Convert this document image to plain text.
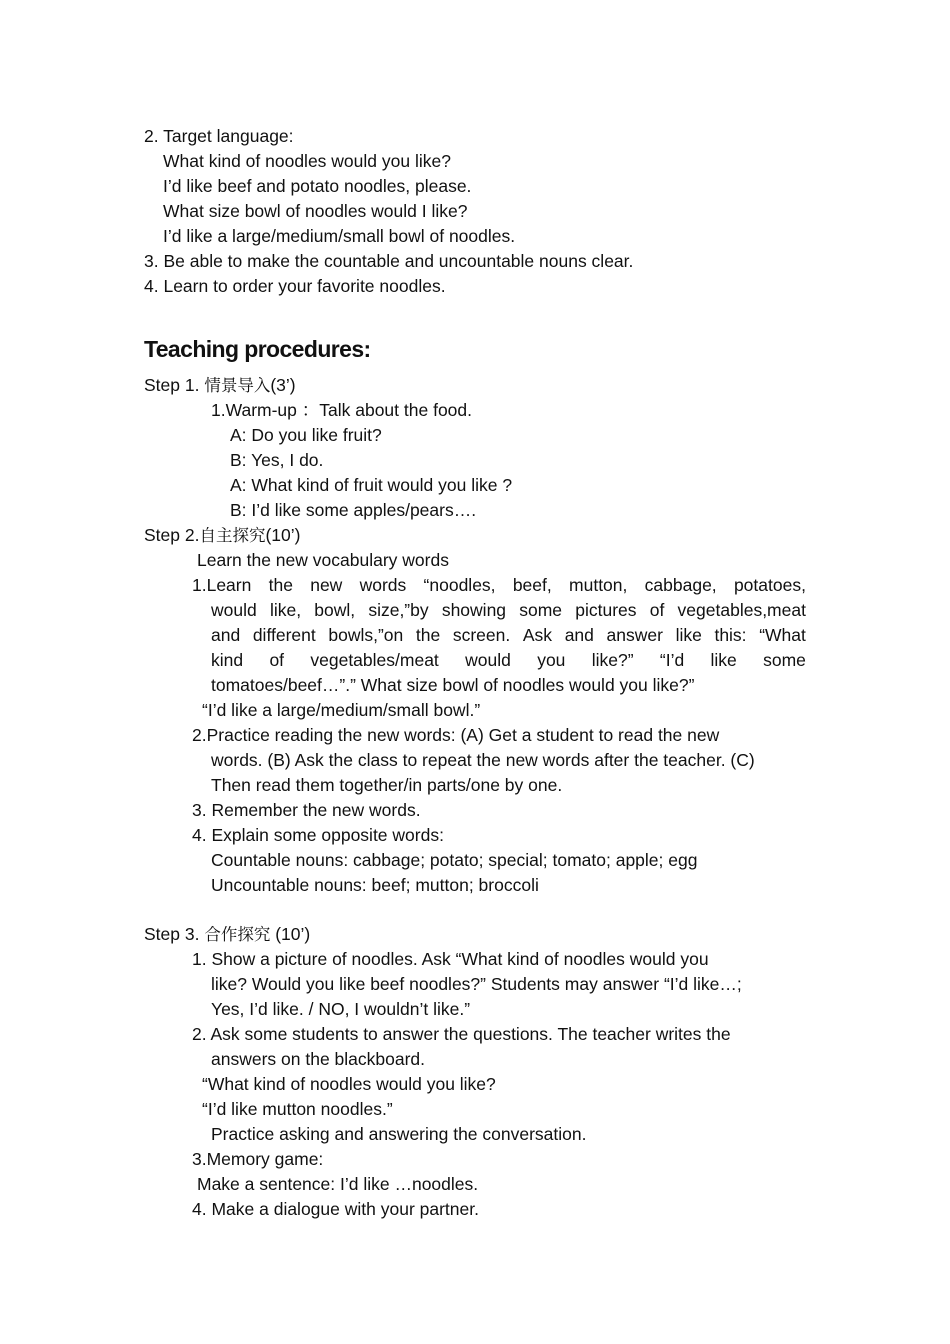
2. Target language:
What kind of noodles would you like?
I’d like beef and potato noodles, please.
What size bowl of noodles would I like?
I’d like a large/medium/small bowl of noodles.
3. Be able to make the countable and uncountable nouns clear.
4. Learn to order your favorite noodles.
Teaching procedures:
Step 1. 情景导入(3’)
1.Warm-up ：Talk about the food.
A: Do you like fruit?
B: Yes, I do.
A: What kind of fruit would you like ?
B: I’d like some apples/pears….
Step 2.自主探究(10’)
Learn the new vocabulary words
1.Learn the new words “noodles, beef, mutton, cabbage, potatoes,
would like, bowl, size,”by showing some pictures of vegetables,meat
and different bowls,”on the screen. Ask and answer like this: “What
kind of vegetables/meat would you like?” “I’d like some
tomatoes/beef…”.” What size bowl of noodles would you like?”
“I’d like a large/medium/small bowl.”
2.Practice reading the new words: (A) Get a student to read the new
words. (B) Ask the class to repeat the new words after the teacher. (C)
Then read them together/in parts/one by one.
3. Remember the new words.
4. Explain some opposite words:
Countable nouns: cabbage; potato; special; tomato; apple; egg
Uncountable nouns: beef; mutton; broccoli
Step 3. 合作探究 (10’)
1. Show a picture of noodles. Ask “What kind of noodles would you
like? Would you like beef noodles?” Students may answer “I’d like…;
Yes, I’d like. / NO, I wouldn’t like.”
2. Ask some students to answer the questions. The teacher writes the
answers on the blackboard.
“What kind of noodles would you like?
“I’d like mutton noodles.”
Practice asking and answering the conversation.
3.Memory game:
Make a sentence: I’d like …noodles.
4. Make a dialogue with your partner.
